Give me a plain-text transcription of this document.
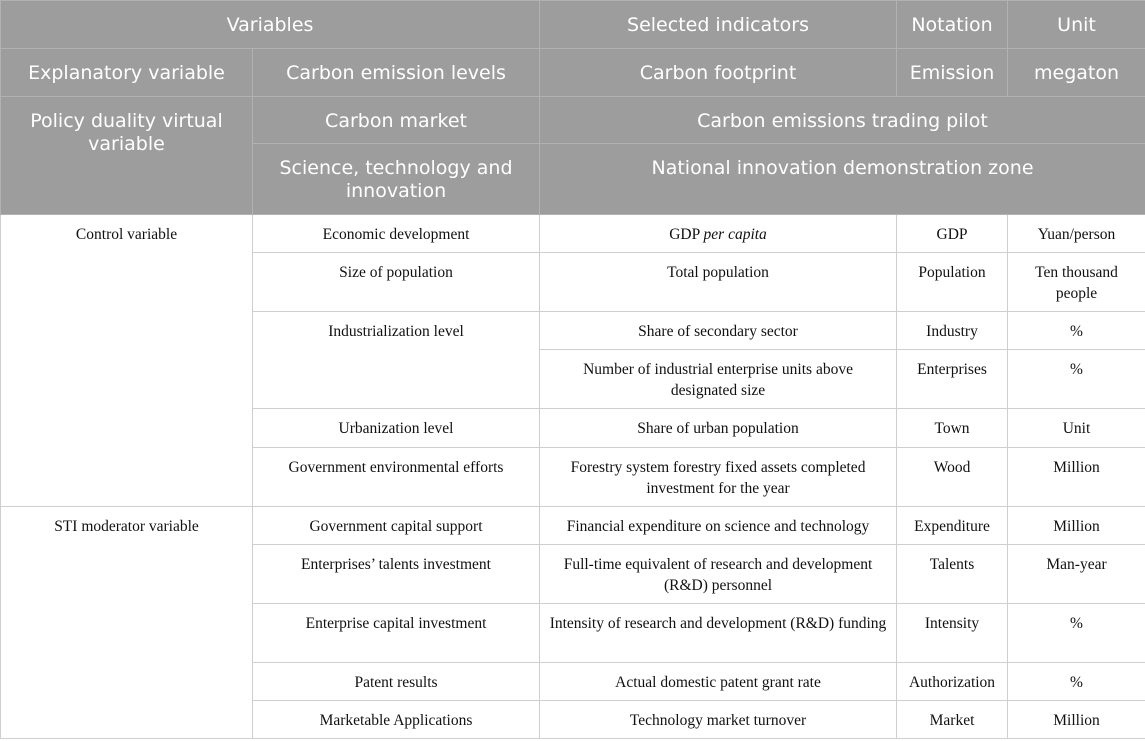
Variables		Selected indicators	Notation	Unit
Explanatory variable	Carbon emission levels	Carbon footprint	Emission	megaton
Policy duality virtual variable	Carbon market	Carbon emissions trading pilot		
	Science, technology and innovation	National innovation demonstration zone		
Control variable	Economic development	GDP per capita	GDP	Yuan/person
	Size of population	Total population	Population	Ten thousand people
	Industrialization level	Share of secondary sector	Industry	%
		Number of industrial enterprise units above designated size	Enterprises	%
	Urbanization level	Share of urban population	Town	Unit
	Government environmental efforts	Forestry system forestry fixed assets completed investment for the year	Wood	Million
STI moderator variable	Government capital support	Financial expenditure on science and technology	Expenditure	Million
	Enterprises’ talents investment	Full-time equivalent of research and development (R&D) personnel	Talents	Man-year
	Enterprise capital investment	Intensity of research and development (R&D) funding	Intensity	%
	Patent results	Actual domestic patent grant rate	Authorization	%
	Marketable Applications	Technology market turnover	Market	Million
